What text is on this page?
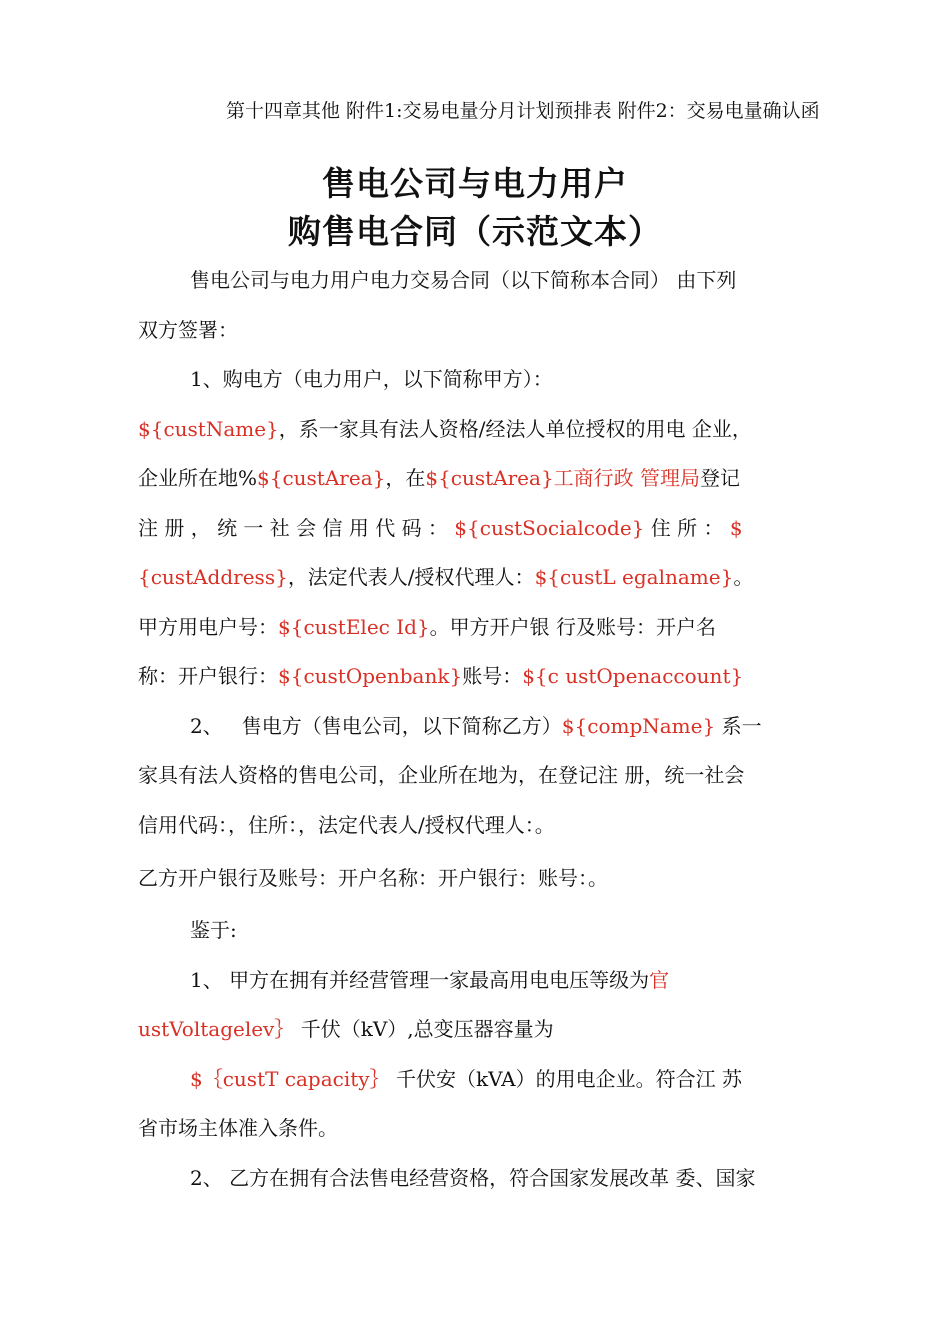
第十四章其他 附件1:交易电量分月计划预排表 附件2：交易电量确认函
售电公司与电力用户
购售电合同（示范文本）

售电公司与电力用户电力交易合同（以下简称本合同） 由下列

双方签署：

1、购电方（电力用户，以下简称甲方）：

${custName}，系一家具有法人资格/经法人单位授权的用电 企业，

企业所在地%${custArea}，在${custArea}工商行政 管理局登记

注 册 ， 统 一 社 会 信 用 代 码 ： ${custSocialcode} 住 所 ： $

{custAddress}，法定代表人/授权代理人：${custL egalname}。

甲方用电户号：${custElec Id}。甲方开户银 行及账号：开户名

称：开户银行：${custOpenbank}账号：${c ustOpenaccount}

2、   售电方（售电公司，以下简称乙方）${compName} 系一

家具有法人资格的售电公司，企业所在地为，在登记注 册，统一社会

信用代码：，住所：，法定代表人/授权代理人：。

乙方开户银行及账号：开户名称：开户银行：账号：。

鉴于:

1、 甲方在拥有并经营管理一家最高用电电压等级为官

ustVoltagelev｝ 千伏（kV）,总变压器容量为

$｛custT capacity｝ 千伏安（kVA）的用电企业。符合江 苏

省市场主体准入条件。

2、 乙方在拥有合法售电经营资格，符合国家发展改革 委、国家
